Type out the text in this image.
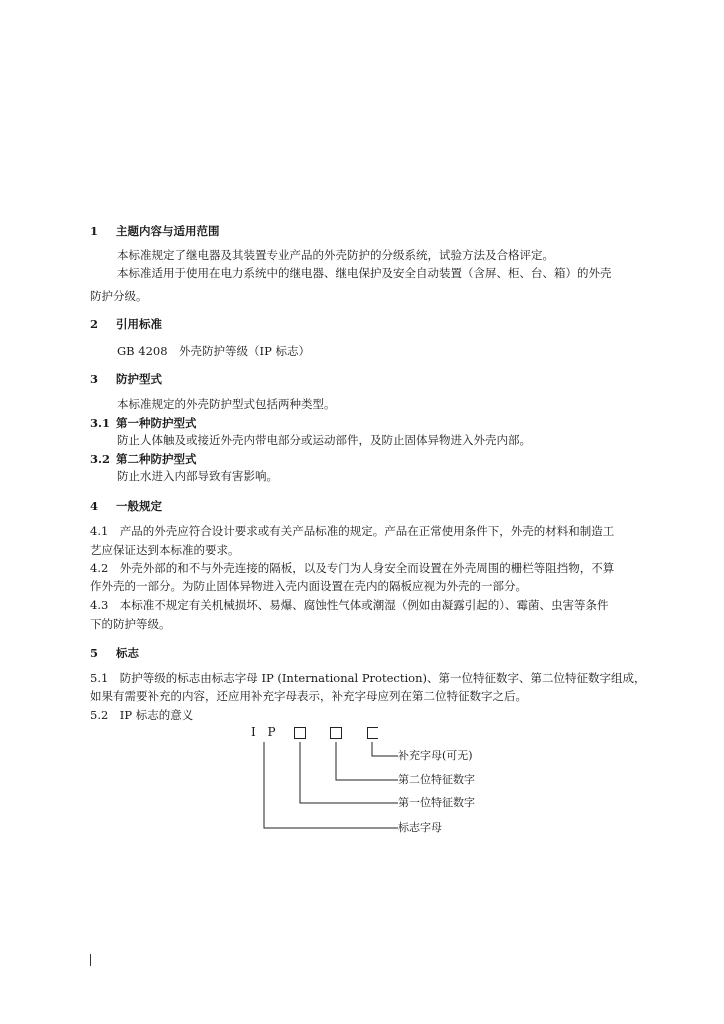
1 主题内容与适用范围
本标准规定了继电器及其装置专业产品的外壳防护的分级系统，试验方法及合格评定。
本标准适用于使用在电力系统中的继电器、继电保护及安全自动装置（含屏、柜、台、箱）的外壳
防护分级。
2 引用标准
GB 4208　外壳防护等级（IP 标志）
3 防护型式
本标准规定的外壳防护型式包括两种类型。
3.1 第一种防护型式
防止人体触及或接近外壳内带电部分或运动部件，及防止固体异物进入外壳内部。
3.2 第二种防护型式
防止水进入内部导致有害影响。
4 一般规定
4.1　产品的外壳应符合设计要求或有关产品标准的规定。产品在正常使用条件下，外壳的材料和制造工
艺应保证达到本标准的要求。
4.2　外壳外部的和不与外壳连接的隔板，以及专门为人身安全而设置在外壳周围的栅栏等阻挡物，不算
作外壳的一部分。为防止固体异物进入壳内面设置在壳内的隔板应视为外壳的一部分。
4.3　本标准不规定有关机械损坏、易爆、腐蚀性气体或潮湿（例如由凝露引起的）、霉菌、虫害等条件
下的防护等级。
5 标志
5.1　防护等级的标志由标志字母 IP (International Protection)、第一位特征数字、第二位特征数字组成，
如果有需要补充的内容，还应用补充字母表示，补充字母应列在第二位特征数字之后。
5.2　IP 标志的意义
I P
补充字母(可无)
第二位特征数字
第一位特征数字
标志字母
